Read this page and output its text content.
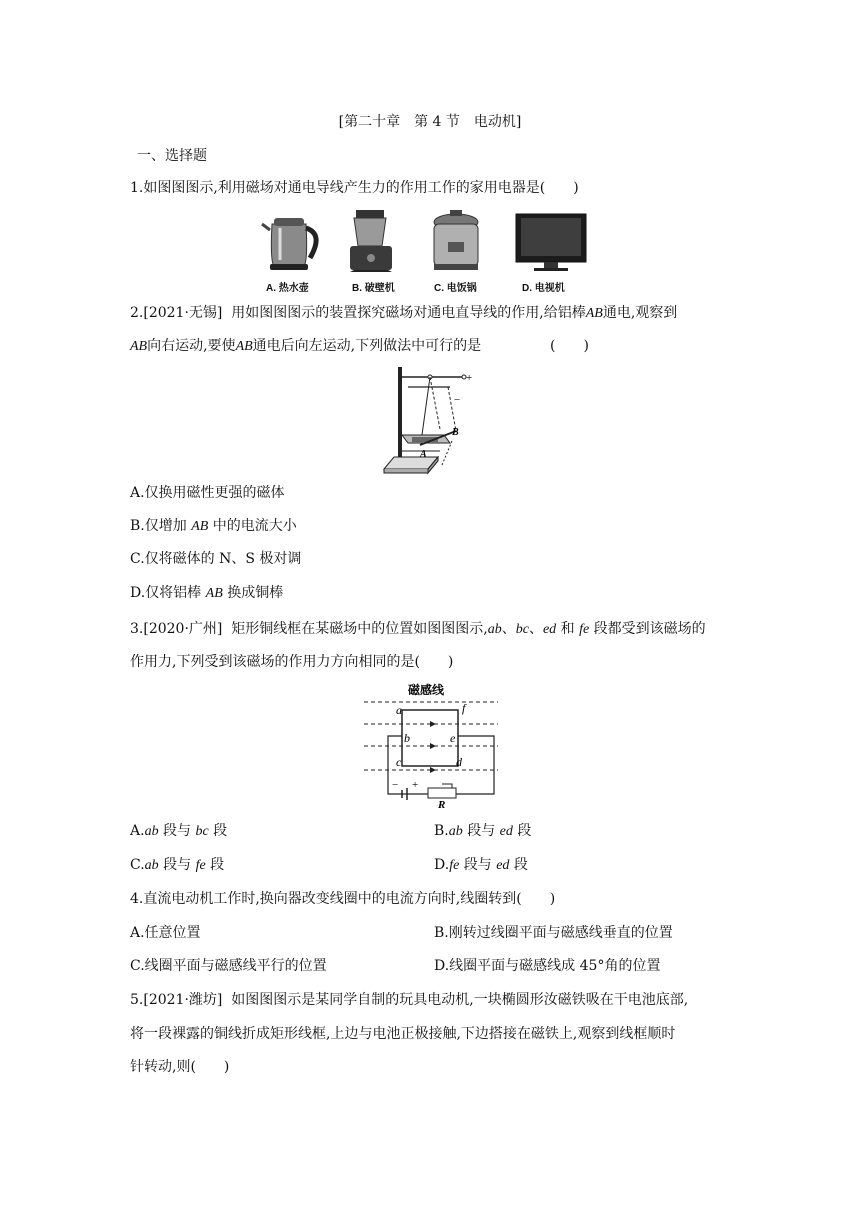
[第二十章　第 4 节　电动机]
一、选择题
1.如图图图示,利用磁场对通电导线产生力的作用工作的家用电器是(　　)
A. 热水壶	B. 破壁机	C. 电饭锅	D. 电视机
2.[2021·无锡] 用如图图图示的装置探究磁场对通电直导线的作用,给铝棒AB通电,观察到
AB向右运动,要使AB通电后向左运动,下列做法中可行的是	(　　)
+
−
A
B
A.仅换用磁性更强的磁体
B.仅增加 AB 中的电流大小
C.仅将磁体的 N、S 极对调
D.仅将铝棒 AB 换成铜棒
3.[2020·广州] 矩形铜线框在某磁场中的位置如图图图示,ab、bc、ed 和 fe 段都受到该磁场的
作用力,下列受到该磁场的作用力方向相同的是(　　)
磁感线
a	f
b	e
c	d
− +
R
A.ab 段与 bc 段	B.ab 段与 ed 段
C.ab 段与 fe 段	D.fe 段与 ed 段
4.直流电动机工作时,换向器改变线圈中的电流方向时,线圈转到(　　)
A.任意位置	B.刚转过线圈平面与磁感线垂直的位置
C.线圈平面与磁感线平行的位置	D.线圈平面与磁感线成 45°角的位置
5.[2021·潍坊] 如图图图示是某同学自制的玩具电动机,一块椭圆形汝磁铁吸在干电池底部,
将一段裸露的铜线折成矩形线框,上边与电池正极接触,下边搭接在磁铁上,观察到线框顺时
针转动,则(　　)
